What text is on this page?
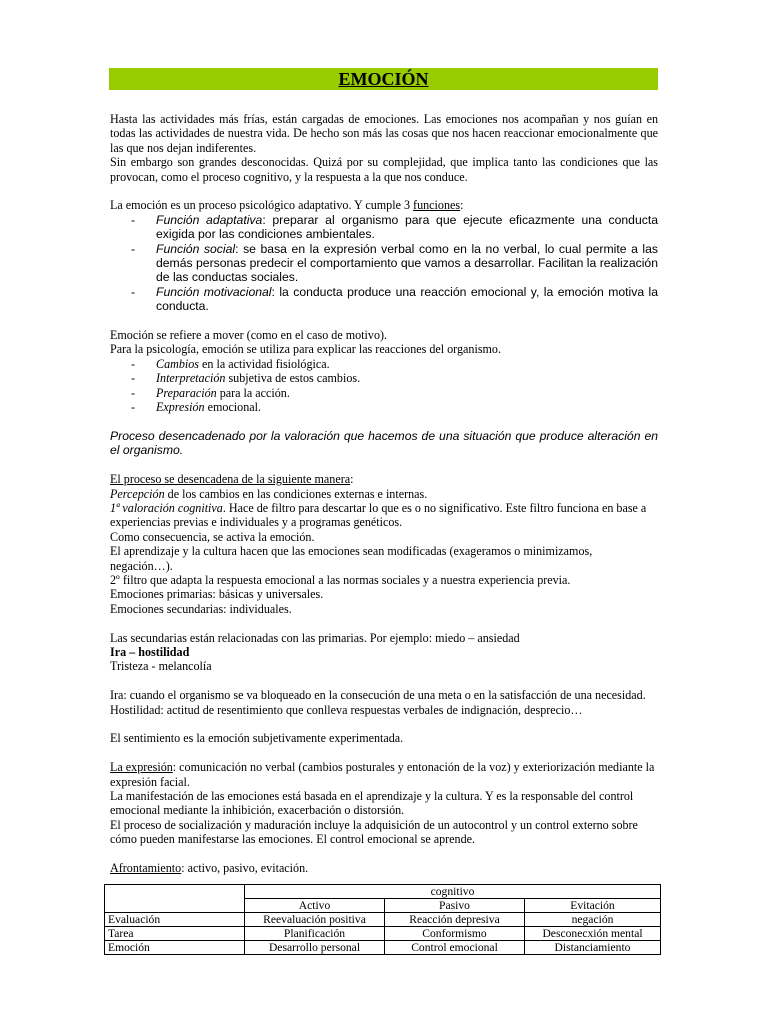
EMOCIÓN

Hasta las actividades más frías, están cargadas de emociones. Las emociones nos acompañan y nos guían en todas las actividades de nuestra vida. De hecho son más las cosas que nos hacen reaccionar emocionalmente que las que nos dejan indiferentes.

Sin embargo son grandes desconocidas. Quizá por su complejidad, que implica tanto las condiciones que las provocan, como el proceso cognitivo, y la respuesta a la que nos conduce.

La emoción es un proceso psicológico adaptativo. Y cumple 3 funciones:

- Función adaptativa: preparar al organismo para que ejecute eficazmente una conducta exigida por las condiciones ambientales.
- Función social: se basa en la expresión verbal como en la no verbal, lo cual permite a las demás personas predecir el comportamiento que vamos a desarrollar. Facilitan la realización de las conductas sociales.
- Función motivacional: la conducta produce una reacción emocional y, la emoción motiva la conducta.

Emoción se refiere a mover (como en el caso de motivo).

Para la psicología, emoción se utiliza para explicar las reacciones del organismo.

- Cambios en la actividad fisiológica.
- Interpretación subjetiva de estos cambios.
- Preparación para la acción.
- Expresión emocional.

Proceso desencadenado por la valoración que hacemos de una situación que produce alteración en el organismo.

El proceso se desencadena de la siguiente manera:

Percepción de los cambios en las condiciones externas e internas.

1ª valoración cognitiva. Hace de filtro para descartar lo que es o no significativo. Este filtro funciona en base a experiencias previas e individuales y a programas genéticos.

Como consecuencia, se activa la emoción.

El aprendizaje y la cultura hacen que las emociones sean modificadas (exageramos o minimizamos, negación…).

2º filtro que adapta la respuesta emocional a las normas sociales y a nuestra experiencia previa.

Emociones primarias: básicas y universales.

Emociones secundarias: individuales.

Las secundarias están relacionadas con las primarias. Por ejemplo: miedo – ansiedad

Ira – hostilidad

Tristeza - melancolía

Ira: cuando el organismo se va bloqueado en la consecución de una meta o en la satisfacción de una necesidad.

Hostilidad: actitud de resentimiento que conlleva respuestas verbales de indignación, desprecio…

El sentimiento es la emoción subjetivamente experimentada.

La expresión: comunicación no verbal (cambios posturales y entonación de la voz) y exteriorización mediante la expresión facial.

La manifestación de las emociones está basada en el aprendizaje y la cultura. Y es la responsable del control emocional mediante la inhibición, exacerbación o distorsión.

El proceso de socialización y maduración incluye la adquisición de un autocontrol y un control externo sobre cómo pueden manifestarse las emociones. El control emocional se aprende.

Afrontamiento: activo, pasivo, evitación.

	cognitivo		
	Activo	Pasivo	Evitación
Evaluación	Reevaluación positiva	Reacción depresiva	negación
Tarea	Planificación	Conformismo	Desconecxión mental
Emoción	Desarrollo personal	Control emocional	Distanciamiento
